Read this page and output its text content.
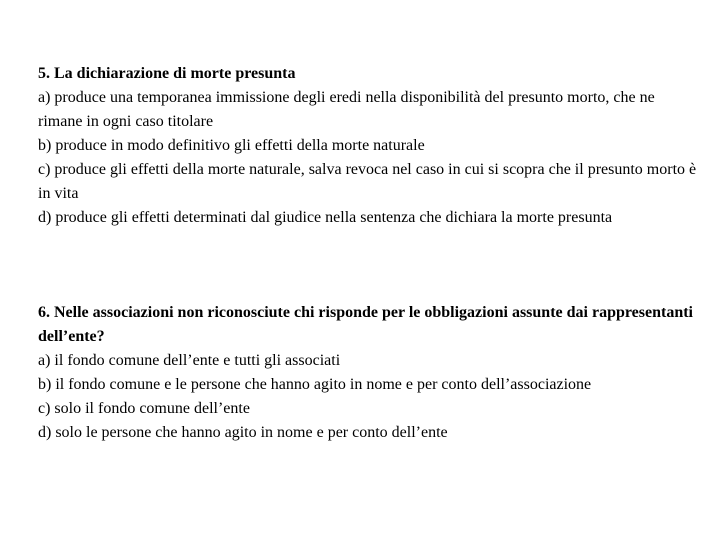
5. La dichiarazione di morte presunta
a) produce una temporanea immissione degli eredi nella disponibilità del presunto morto, che ne rimane in ogni caso titolare
b) produce in modo definitivo gli effetti della morte naturale
c) produce gli effetti della morte naturale, salva revoca nel caso in cui si scopra che il presunto morto è in vita
d) produce gli effetti determinati dal giudice nella sentenza che dichiara la morte presunta
6. Nelle associazioni non riconosciute chi risponde per le obbligazioni assunte dai rappresentanti dell’ente?
a) il fondo comune dell’ente e tutti gli associati
b) il fondo comune e le persone che hanno agito in nome e per conto dell’associazione
c) solo il fondo comune dell’ente
d) solo le persone che hanno agito in nome e per conto dell’ente
